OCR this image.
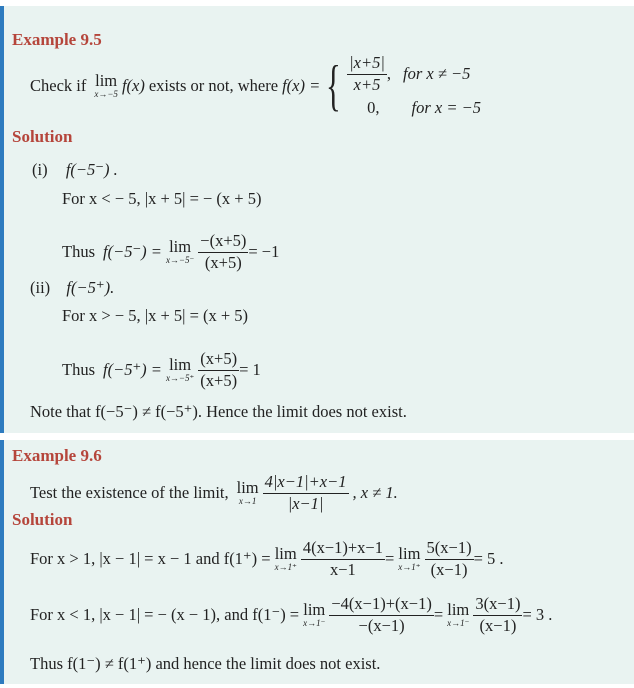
Example 9.5
Check if lim
x→−5 f(x) exists or not, where f(x) = { $\frac{|x+5|}{x+5}$ , for x ≠ −5
0, for x = −5
Solution
(i) f(−5⁻) .
For x < − 5, |x + 5| = − (x + 5)
Thus f(−5⁻) = lim
$x\to-5^- \frac{-(x+5)}{(x+5)} = -1$
(ii) f(−5⁺).
For x > − 5, |x + 5| = (x + 5)
Thus f(−5⁺) = lim
$x\to-5^+ \frac{(x+5)}{(x+5)} = 1$
Note that f(−5⁻) ≠ f(−5⁺). Hence the limit does not exist.
Example 9.6
Test the existence of the limit, lim
$x\to 1 \frac{4|x-1|+x-1}{|x-1|}$ , x ≠ 1.
Solution
For x > 1, |x − 1| = x − 1 and f(1⁺) = lim
$x\to 1^+ \frac{4(x-1)+x-1}{x-1} = \lim$
$x\to 1^+ \frac{5(x-1)}{(x-1)} = 5$ .
For x < 1, |x − 1| = − (x − 1), and f(1⁻) = lim
$x\to 1^- \frac{-4(x-1)+(x-1)}{-(x-1)} = \lim$
$x\to 1^- \frac{3(x-1)}{(x-1)} = 3$ .
Thus f(1⁻) ≠ f(1⁺) and hence the limit does not exist.
